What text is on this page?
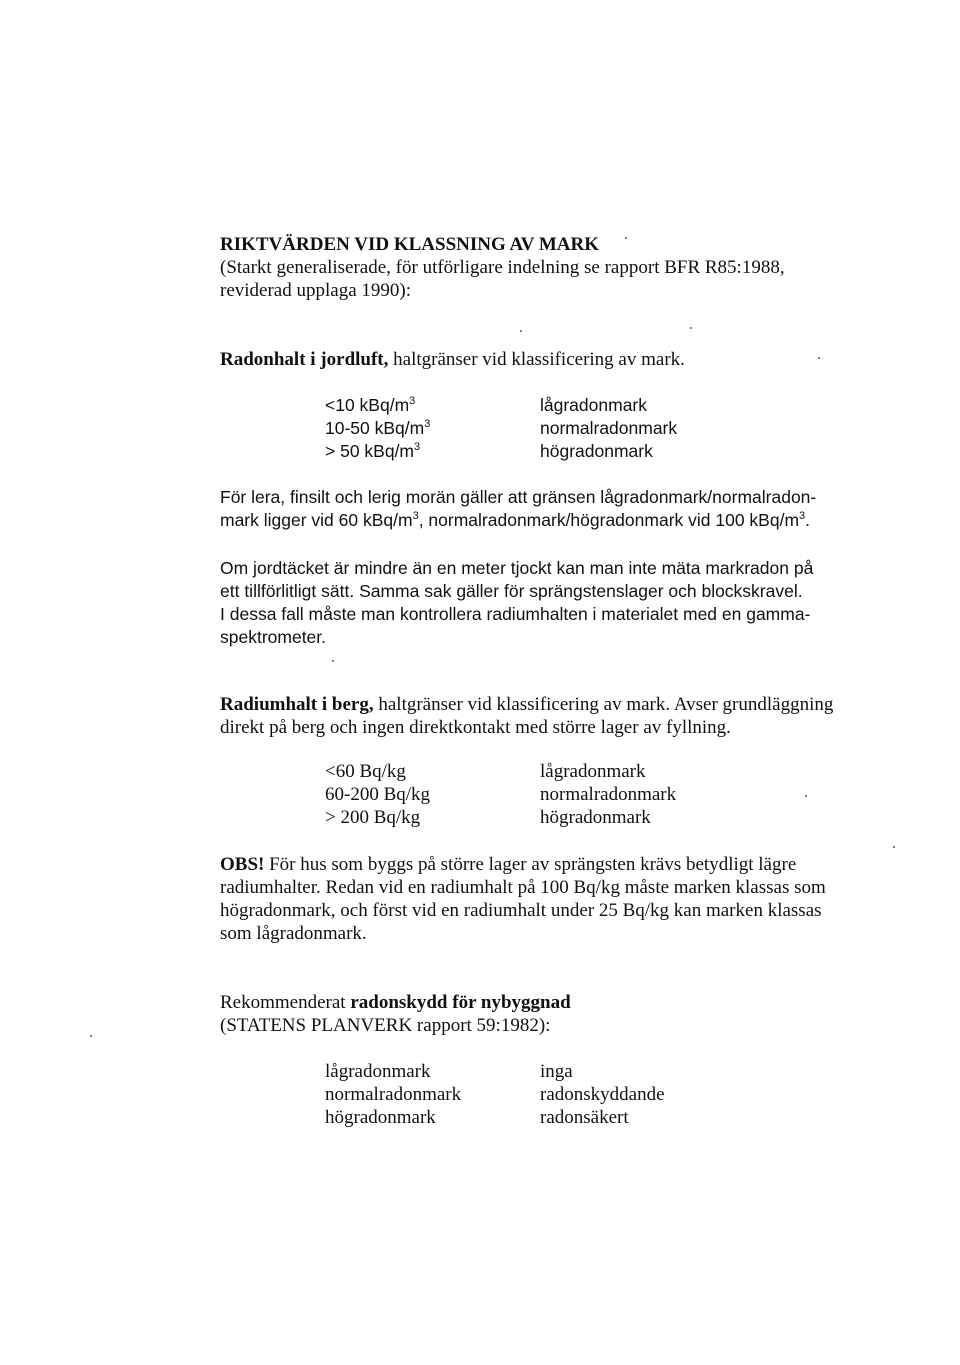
RIKTVÄRDEN VID KLASSNING AV MARK

(Starkt generaliserade, för utförligare indelning se rapport BFR R85:1988,

reviderad upplaga 1990):

Radonhalt i jordluft, haltgränser vid klassificering av mark.

<10 kBq/$m^3$	lågradonmark
10-50 kBq/$m^3$	normalradonmark
> 50 kBq/$m^3$	högradonmark

För lera, finsilt och lerig morän gäller att gränsen lågradonmark/normalradon-

mark ligger vid 60 kBq/$m^3$, normalradonmark/högradonmark vid 100 kBq/$m^3$.

Om jordtäcket är mindre än en meter tjockt kan man inte mäta markradon på

ett tillförlitligt sätt. Samma sak gäller för sprängstenslager och blockskravel.

I dessa fall måste man kontrollera radiumhalten i materialet med en gamma-

spektrometer.

Radiumhalt i berg, haltgränser vid klassificering av mark. Avser grundläggning

direkt på berg och ingen direktkontakt med större lager av fyllning.

<60 Bq/kg	lågradonmark
60-200 Bq/kg	normalradonmark
> 200 Bq/kg	högradonmark

OBS! För hus som byggs på större lager av sprängsten krävs betydligt lägre

radiumhalter. Redan vid en radiumhalt på 100 Bq/kg måste marken klassas som

högradonmark, och först vid en radiumhalt under 25 Bq/kg kan marken klassas

som lågradonmark.

Rekommenderat radonskydd för nybyggnad

(STATENS PLANVERK rapport 59:1982):

lågradonmark	inga
normalradonmark	radonskyddande
högradonmark	radonsäkert
